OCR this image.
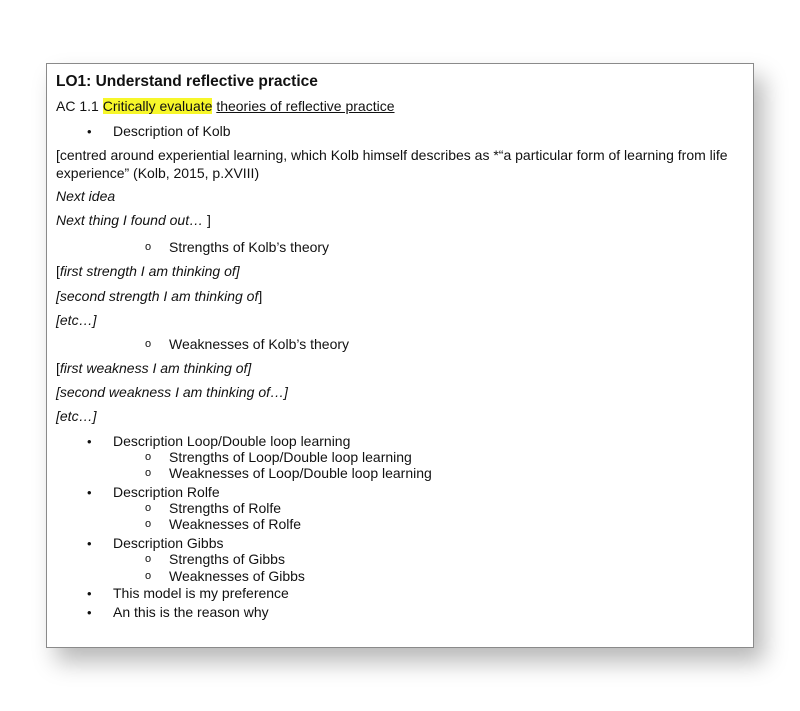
LO1: Understand reflective practice
AC 1.1 Critically evaluate theories of reflective practice
• Description of Kolb
[centred around experiential learning, which Kolb himself describes as *“a particular form of learning from life
experience” (Kolb, 2015, p.XVIII)
Next idea
Next thing I found out… ]
o Strengths of Kolb’s theory
[first strength I am thinking of]
[second strength I am thinking of]
[etc…]
o Weaknesses of Kolb’s theory
[first weakness I am thinking of]
[second weakness I am thinking of…]
[etc…]
• Description Loop/Double loop learning
o Strengths of Loop/Double loop learning
o Weaknesses of Loop/Double loop learning
• Description Rolfe
o Strengths of Rolfe
o Weaknesses of Rolfe
• Description Gibbs
o Strengths of Gibbs
o Weaknesses of Gibbs
• This model is my preference
• An this is the reason why
